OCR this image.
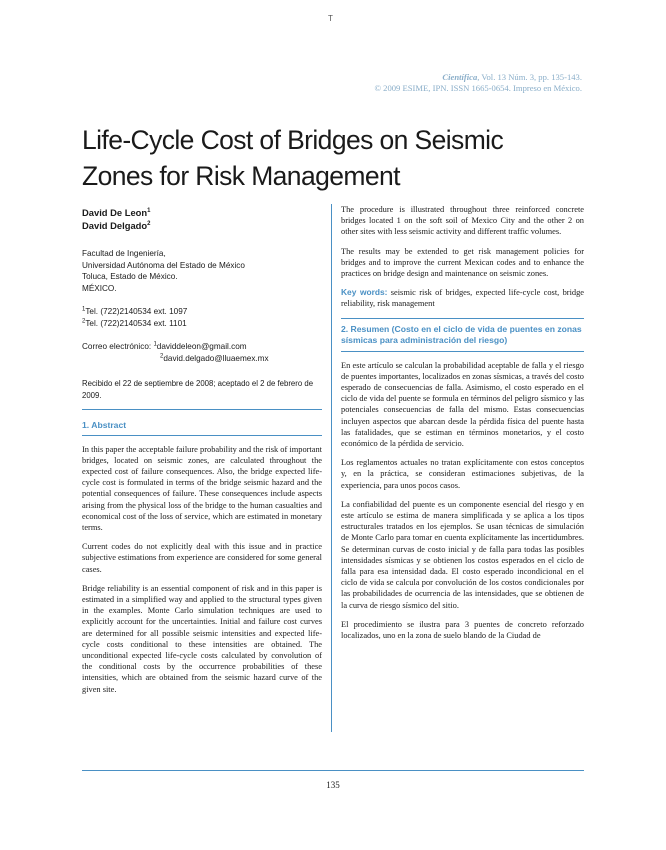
T
Científica, Vol. 13 Núm. 3, pp. 135-143.
© 2009 ESIME, IPN. ISSN 1665-0654. Impreso en México.
Life-Cycle Cost of Bridges on Seismic
Zones for Risk Management
David De Leon$^1$
David Delgado$^2$
Facultad de Ingeniería,
Universidad Autónoma del Estado de México
Toluca, Estado de México.
MÉXICO.
$^1$Tel. (722)2140534 ext. 1097
$^2$Tel. (722)2140534 ext. 1101
Correo electrónico: $^1$daviddeleon@gmail.com
$^2$david.delgado@lluaemex.mx
Recibido el 22 de septiembre de 2008; aceptado el 2 de febrero de 2009.
1. Abstract

In this paper the acceptable failure probability and the risk of important bridges, located on seismic zones, are calculated throughout the expected cost of failure consequences. Also, the bridge expected life-cycle cost is formulated in terms of the bridge seismic hazard and the potential consequences of failure. These consequences include aspects arising from the physical loss of the bridge to the human casualties and economical cost of the loss of service, which are estimated in monetary terms.

Current codes do not explicitly deal with this issue and in practice subjective estimations from experience are considered for some general cases.

Bridge reliability is an essential component of risk and in this paper is estimated in a simplified way and applied to the structural types given in the examples. Monte Carlo simulation techniques are used to explicitly account for the uncertainties. Initial and failure cost curves are determined for all possible seismic intensities and expected life-cycle costs conditional to these intensities are obtained. The unconditional expected life-cycle costs calculated by convolution of the conditional costs by the occurrence probabilities of these intensities, which are obtained from the seismic hazard curve of the given site.

The procedure is illustrated throughout three reinforced concrete bridges located 1 on the soft soil of Mexico City and the other 2 on other sites with less seismic activity and different traffic volumes.

The results may be extended to get risk management policies for bridges and to improve the current Mexican codes and to enhance the practices on bridge design and maintenance on seismic zones.

Key words: seismic risk of bridges, expected life-cycle cost, bridge reliability, risk management

2. Resumen (Costo en el ciclo de vida de puentes en zonas sísmicas para administración del riesgo)

En este artículo se calculan la probabilidad aceptable de falla y el riesgo de puentes importantes, localizados en zonas sísmicas, a través del costo esperado de consecuencias de falla. Asimismo, el costo esperado en el ciclo de vida del puente se formula en términos del peligro sísmico y las potenciales consecuencias de falla del mismo. Estas consecuencias incluyen aspectos que abarcan desde la pérdida física del puente hasta las fatalidades, que se estiman en términos monetarios, y el costo económico de la pérdida de servicio.

Los reglamentos actuales no tratan explícitamente con estos conceptos y, en la práctica, se consideran estimaciones subjetivas, de la experiencia, para unos pocos casos.

La confiabilidad del puente es un componente esencial del riesgo y en este artículo se estima de manera simplificada y se aplica a los tipos estructurales tratados en los ejemplos. Se usan técnicas de simulación de Monte Carlo para tomar en cuenta explícitamente las incertidumbres. Se determinan curvas de costo inicial y de falla para todas las posibles intensidades sísmicas y se obtienen los costos esperados en el ciclo de falla para esa intensidad dada. El costo esperado incondicional en el ciclo de vida se calcula por convolución de los costos condicionales por las probabilidades de ocurrencia de las intensidades, que se obtienen de la curva de riesgo sísmico del sitio.

El procedimiento se ilustra para 3 puentes de concreto reforzado localizados, uno en la zona de suelo blando de la Ciudad de

135
